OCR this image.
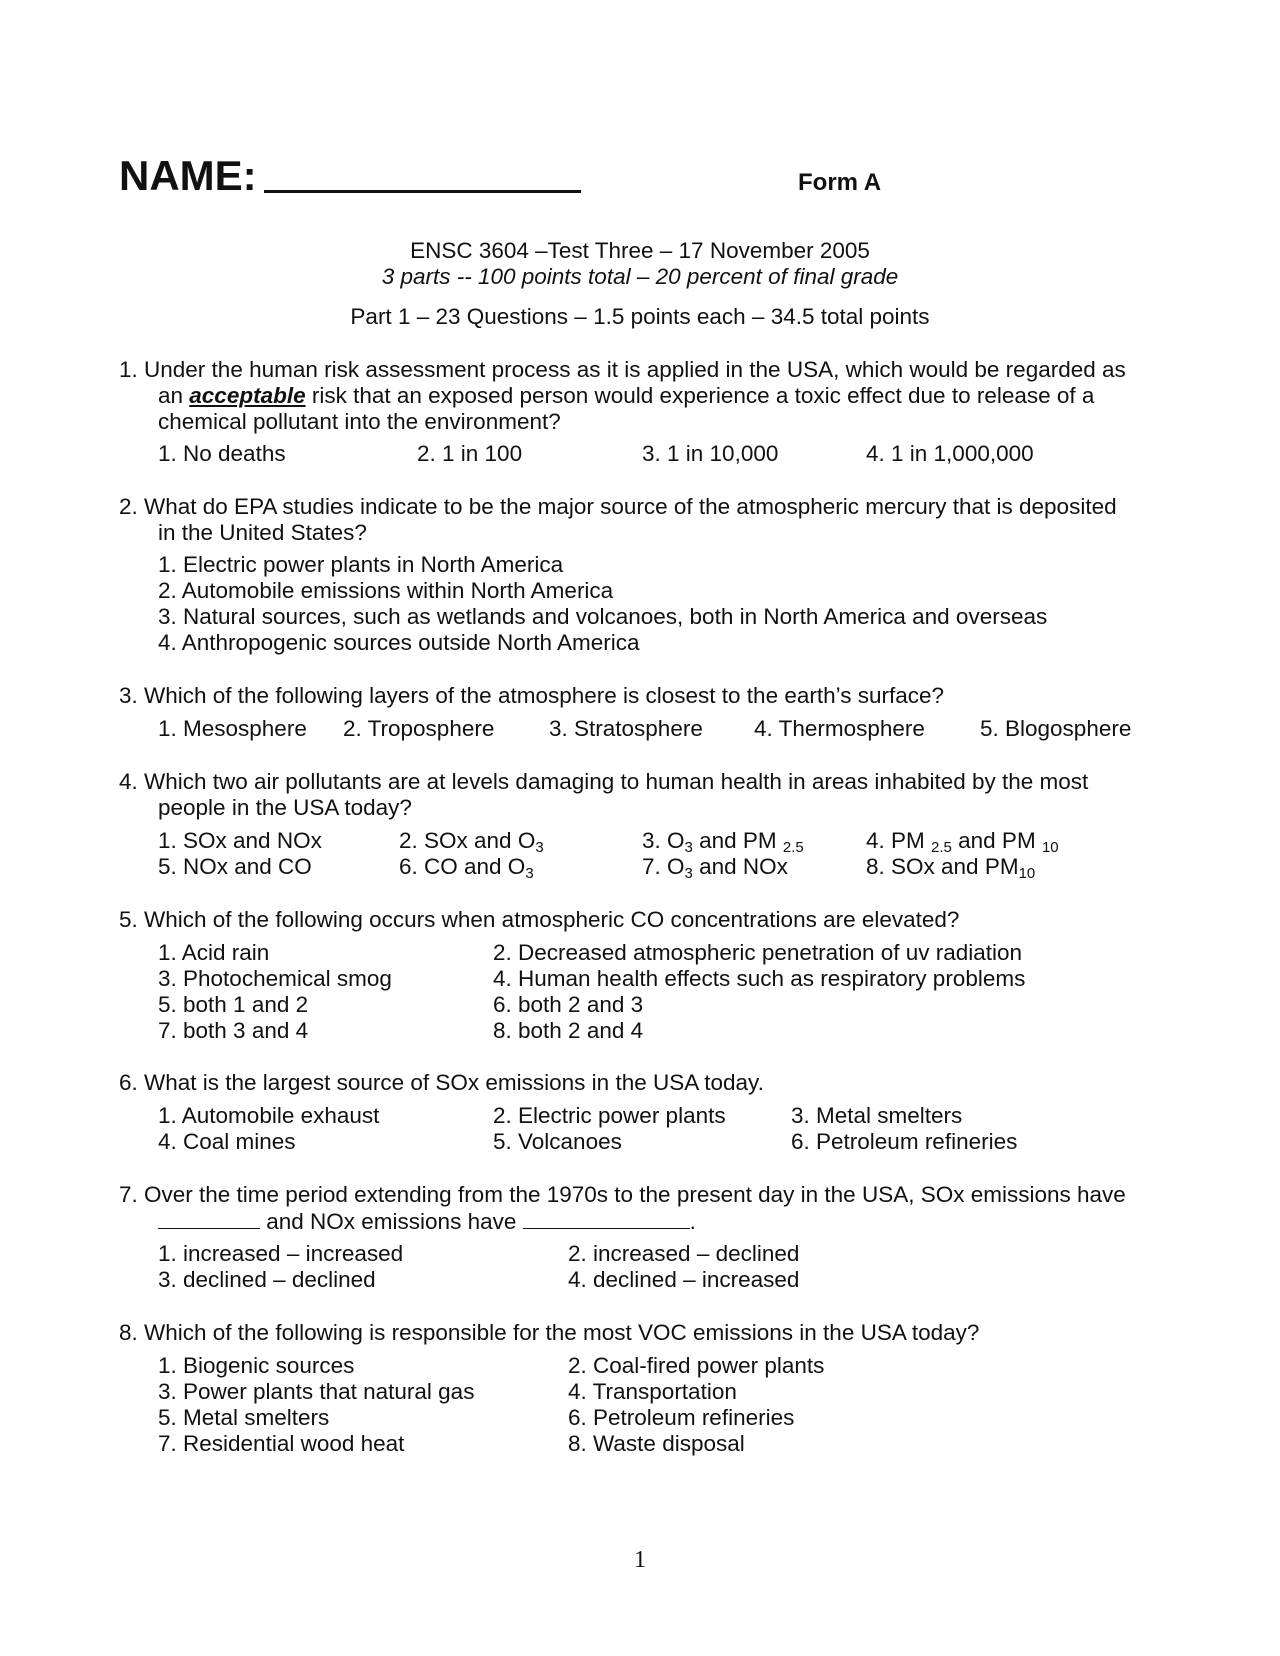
NAME:	Form A
ENSC 3604 –Test Three – 17 November 2005
3 parts -- 100 points total – 20 percent of final grade
Part 1 – 23 Questions – 1.5 points each – 34.5 total points
1. Under the human risk assessment process as it is applied in the USA, which would be regarded as
an acceptable risk that an exposed person would experience a toxic effect due to release of a
chemical pollutant into the environment?
1. No deaths	2. 1 in 100	3. 1 in 10,000	4. 1 in 1,000,000
2. What do EPA studies indicate to be the major source of the atmospheric mercury that is deposited
in the United States?
1. Electric power plants in North America
2. Automobile emissions within North America
3. Natural sources, such as wetlands and volcanoes, both in North America and overseas
4. Anthropogenic sources outside North America
3. Which of the following layers of the atmosphere is closest to the earth’s surface?
1. Mesosphere 2. Troposphere 3. Stratosphere 4. Thermosphere 5. Blogosphere
4. Which two air pollutants are at levels damaging to human health in areas inhabited by the most
people in the USA today?
1. SOx and NOx	2. SOx and $O_3$	3. $O_3$ and PM $_{2.5}$	4. PM $_{2.5}$ and PM $_{10}$
5. NOx and CO	6. CO and $O_3$	7. $O_3$ and NOx	8. SOx and $PM_{10}$
5. Which of the following occurs when atmospheric CO concentrations are elevated?
1. Acid rain	2. Decreased atmospheric penetration of uv radiation
3. Photochemical smog	4. Human health effects such as respiratory problems
5. both 1 and 2	6. both 2 and 3
7. both 3 and 4	8. both 2 and 4
6. What is the largest source of SOx emissions in the USA today.
1. Automobile exhaust	2. Electric power plants	3. Metal smelters
4. Coal mines	5. Volcanoes	6. Petroleum refineries
7. Over the time period extending from the 1970s to the present day in the USA, SOx emissions have
and NOx emissions have	.
1. increased – increased	2. increased – declined
3. declined – declined	4. declined – increased
8. Which of the following is responsible for the most VOC emissions in the USA today?
1. Biogenic sources	2. Coal-fired power plants
3. Power plants that natural gas	4. Transportation
5. Metal smelters	6. Petroleum refineries
7. Residential wood heat	8. Waste disposal
1
